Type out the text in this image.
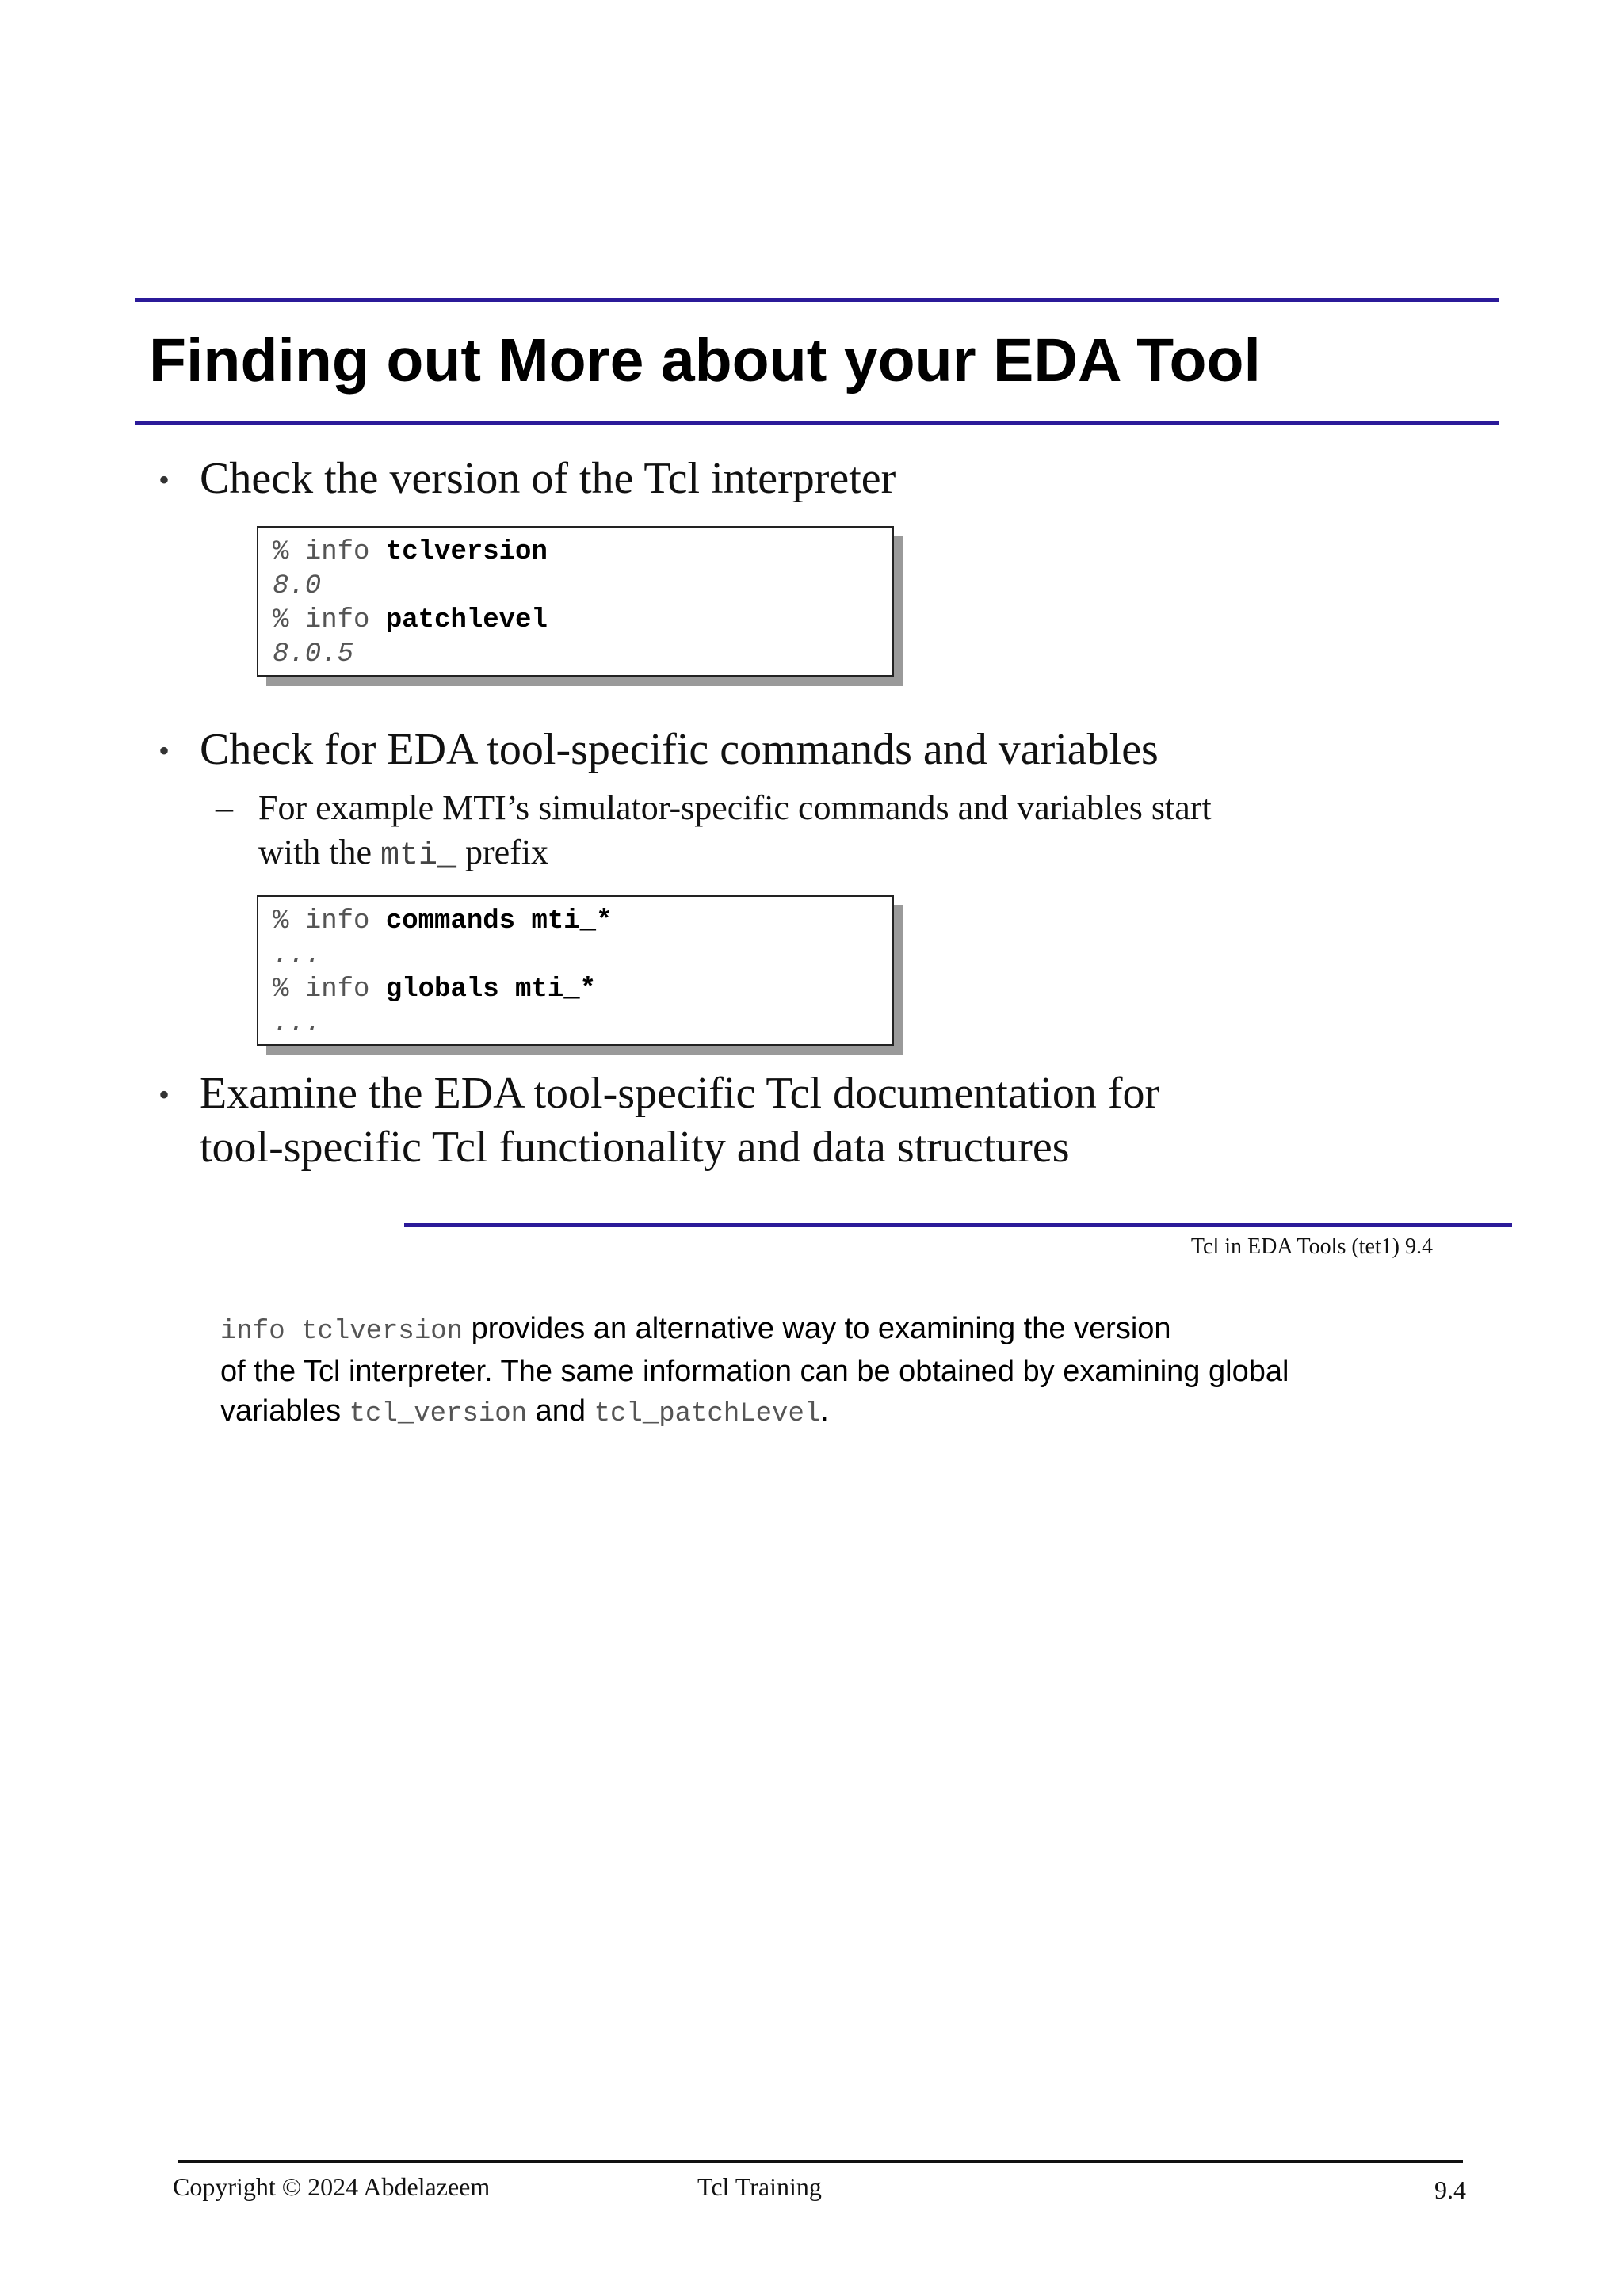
Finding out More about your EDA Tool
• Check the version of the Tcl interpreter
% info tclversion
8.0
% info patchlevel
8.0.5
• Check for EDA tool-specific commands and variables
– For example MTI’s simulator-specific commands and variables start
with the mti_ prefix
% info commands mti_*
...
% info globals mti_*
...
• Examine the EDA tool-specific Tcl documentation for
tool-specific Tcl functionality and data structures
Tcl in EDA Tools (tet1) 9.4
info tclversion provides an alternative way to examining the version
of the Tcl interpreter. The same information can be obtained by examining global
variables tcl_version and tcl_patchLevel.
Copyright © 2024 Abdelazeem	Tcl Training	9.4
